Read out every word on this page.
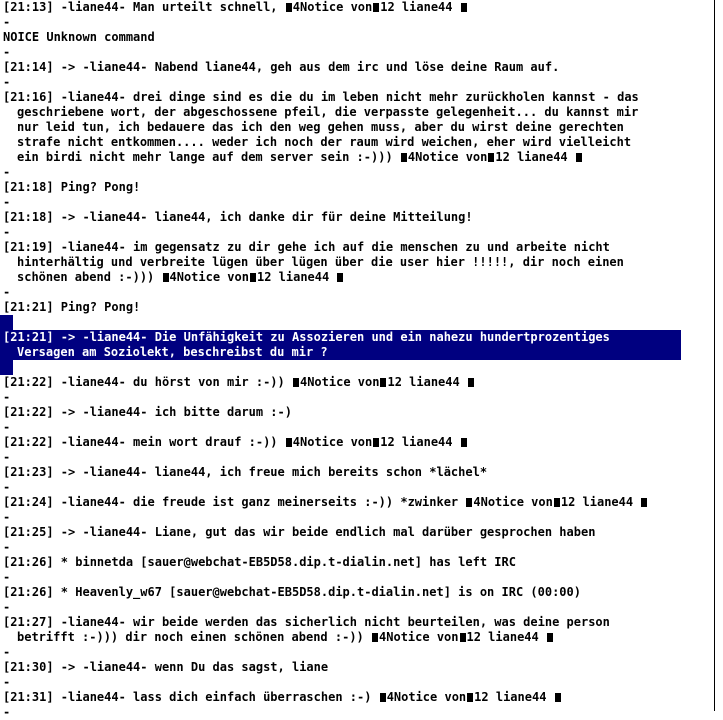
[21:13] -liane44- Man urteilt schnell, 4Notice von 12 liane44
-
NOICE Unknown command
-
[21:14] -> -liane44- Nabend liane44, geh aus dem irc und löse deine Raum auf.
-
[21:16] -liane44- drei dinge sind es die du im leben nicht mehr zurückholen kannst - das
geschriebene wort, der abgeschossene pfeil, die verpasste gelegenheit... du kannst mir
nur leid tun, ich bedauere das ich den weg gehen muss, aber du wirst deine gerechten
strafe nicht entkommen.... weder ich noch der raum wird weichen, eher wird vielleicht
ein birdi nicht mehr lange auf dem server sein :-))) 4Notice von 12 liane44
-
[21:18] Ping? Pong!
-
[21:18] -> -liane44- liane44, ich danke dir für deine Mitteilung!
-
[21:19] -liane44- im gegensatz zu dir gehe ich auf die menschen zu und arbeite nicht
hinterhältig und verbreite lügen über lügen über die user hier !!!!!, dir noch einen
schönen abend :-))) 4Notice von 12 liane44
-
[21:21] Ping? Pong!
-
[21:21] -> -liane44- Die Unfähigkeit zu Assozieren und ein nahezu hundertprozentiges
Versagen am Soziolekt, beschreibst du mir ?
-
[21:22] -liane44- du hörst von mir :-)) 4Notice von 12 liane44
-
[21:22] -> -liane44- ich bitte darum :-)
-
[21:22] -liane44- mein wort drauf :-)) 4Notice von 12 liane44
-
[21:23] -> -liane44- liane44, ich freue mich bereits schon *lächel*
-
[21:24] -liane44- die freude ist ganz meinerseits :-)) *zwinker 4Notice von 12 liane44
-
[21:25] -> -liane44- Liane, gut das wir beide endlich mal darüber gesprochen haben
-
[21:26] * binnetda [sauer@webchat-EB5D58.dip.t-dialin.net] has left IRC
-
[21:26] * Heavenly_w67 [sauer@webchat-EB5D58.dip.t-dialin.net] is on IRC (00:00)
-
[21:27] -liane44- wir beide werden das sicherlich nicht beurteilen, was deine person
betrifft :-))) dir noch einen schönen abend :-)) 4Notice von 12 liane44
-
[21:30] -> -liane44- wenn Du das sagst, liane
-
[21:31] -liane44- lass dich einfach überraschen :-) 4Notice von 12 liane44
-
